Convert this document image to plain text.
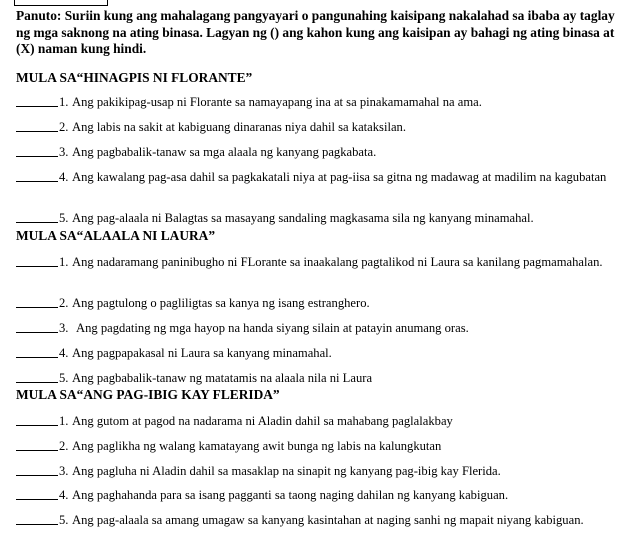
Panuto: Suriin kung ang mahalagang pangyayari o pangunahing kaisipang nakalahad sa ibaba ay taglay ng mga saknong na ating binasa. Lagyan ng () ang kahon kung ang kaisipan ay bahagi ng ating binasa at (X) naman kung hindi.
MULA SA“HINAGPIS NI FLORANTE”
1. Ang pakikipag-usap ni Florante sa namayapang ina at sa pinakamamahal na ama.
2. Ang labis na sakit at kabiguang dinaranas niya dahil sa kataksilan.
3. Ang pagbabalik-tanaw sa mga alaala ng kanyang pagkabata.
4. Ang kawalang pag-asa dahil sa pagkakatali niya at pag-iisa sa gitna ng madawag at madilim na kagubatan
5. Ang pag-alaala ni Balagtas sa masayang sandaling magkasama sila ng kanyang minamahal.
MULA SA“ALAALA NI LAURA”
1. Ang nadaramang paninibugho ni FLorante sa inaakalang pagtalikod ni Laura sa kanilang pagmamahalan.
2. Ang pagtulong o pagliligtas sa kanya ng isang estranghero.
3. Ang pagdating ng mga hayop na handa siyang silain at patayin anumang oras.
4. Ang pagpapakasal ni Laura sa kanyang minamahal.
5. Ang pagbabalik-tanaw ng matatamis na alaala nila ni Laura
MULA SA“ANG PAG-IBIG KAY FLERIDA”
1. Ang gutom at pagod na nadarama ni Aladin dahil sa mahabang paglalakbay
2. Ang paglikha ng walang kamatayang awit bunga ng labis na kalungkutan
3. Ang pagluha ni Aladin dahil sa masaklap na sinapit ng kanyang pag-ibig kay Flerida.
4. Ang paghahanda para sa isang pagganti sa taong naging dahilan ng kanyang kabiguan.
5. Ang pag-alaala sa amang umagaw sa kanyang kasintahan at naging sanhi ng mapait niyang kabiguan.
